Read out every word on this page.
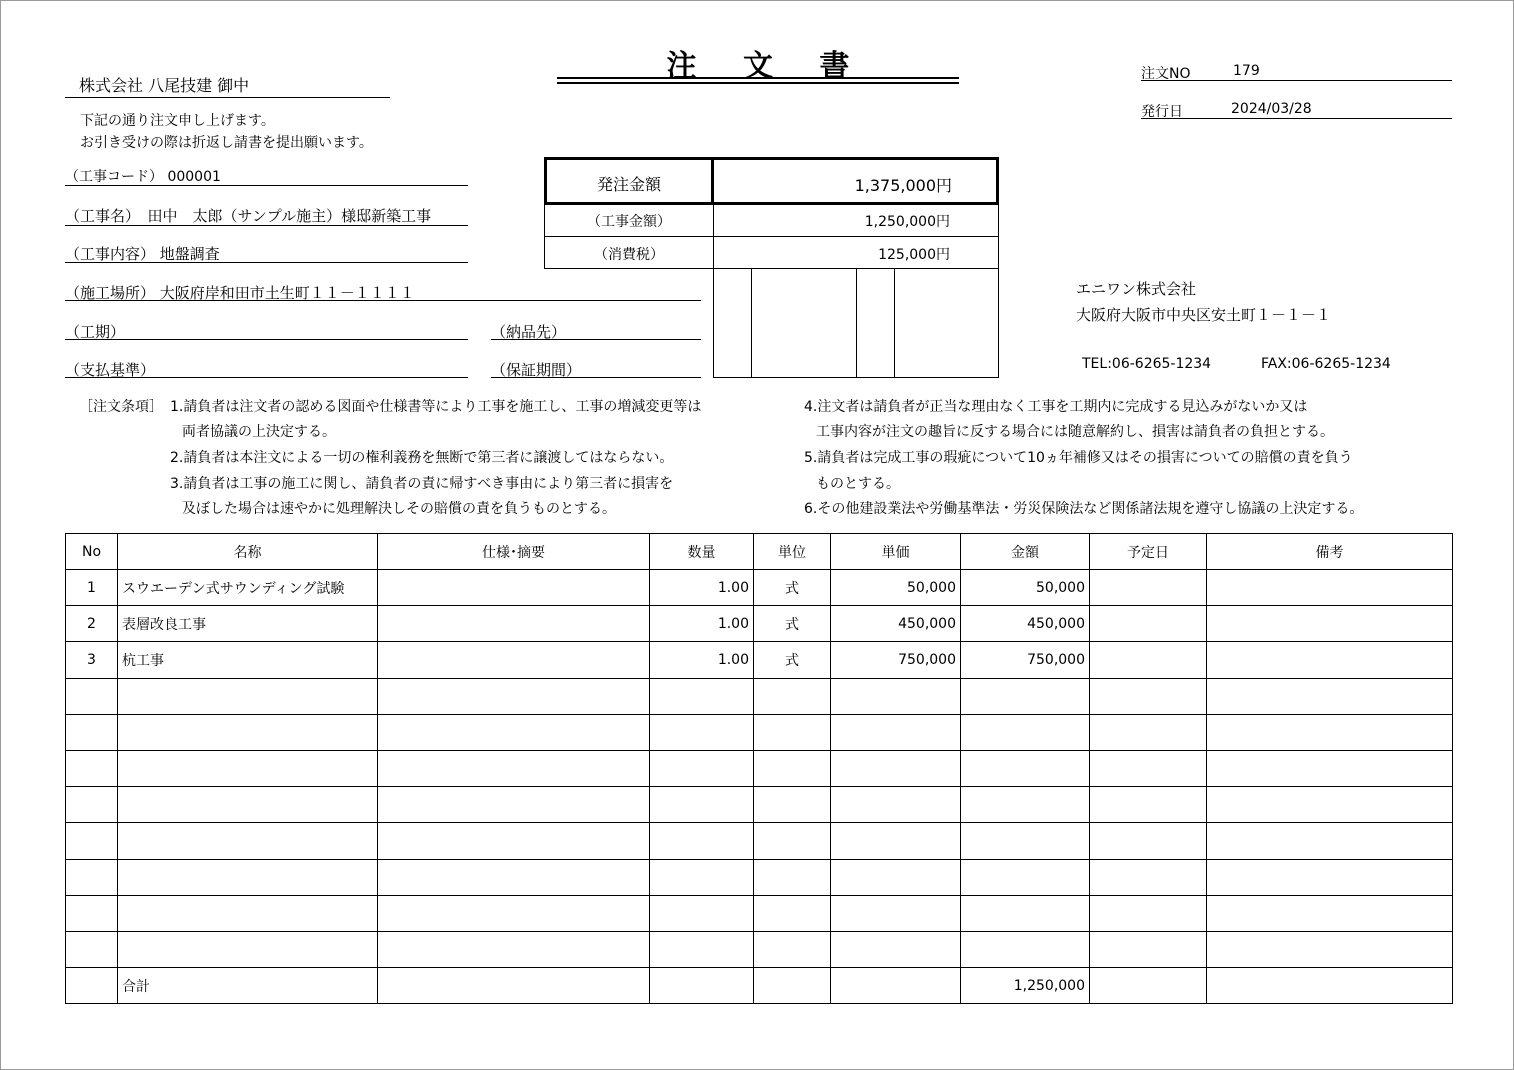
注 文 書
株式会社 八尾技建 御中
下記の通り注文申し上げます。
お引き受けの際は折返し請書を提出願います。
注文NO	179
発行日	2024/03/28
（工事コード） 000001
（工事名）　田中　太郎（サンプル施主）様邸新築工事
（工事内容） 地盤調査
（施工場所） 大阪府岸和田市土生町１１－１１１１
（工期）	（納品先）
（支払基準）	（保証期間）
発注金額	1,375,000円
（工事金額）	1,250,000円
（消費税）	125,000円
エニワン株式会社
大阪府大阪市中央区安土町１－１－１
TEL:06-6265-1234	FAX:06-6265-1234
［注文条項］ 1.請負者は注文者の認める図面や仕様書等により工事を施工し、工事の増減変更等は
両者協議の上決定する。
2.請負者は本注文による一切の権利義務を無断で第三者に譲渡してはならない。
3.請負者は工事の施工に関し、請負者の責に帰すべき事由により第三者に損害を
及ぼした場合は速やかに処理解決しその賠償の責を負うものとする。
4.注文者は請負者が正当な理由なく工事を工期内に完成する見込みがないか又は
工事内容が注文の趣旨に反する場合には随意解約し、損害は請負者の負担とする。
5.請負者は完成工事の瑕疵について10ヵ年補修又はその損害についての賠償の責を負う
ものとする。
6.その他建設業法や労働基準法・労災保険法など関係諸法規を遵守し協議の上決定する。
No	名称	仕様･摘要	数量	単位	単価	金額	予定日	備考
1	スウエーデン式サウンディング試験		1.00	式	50,000	50,000		
2	表層改良工事		1.00	式	450,000	450,000		
3	杭工事		1.00	式	750,000	750,000		

	合計					1,250,000		
